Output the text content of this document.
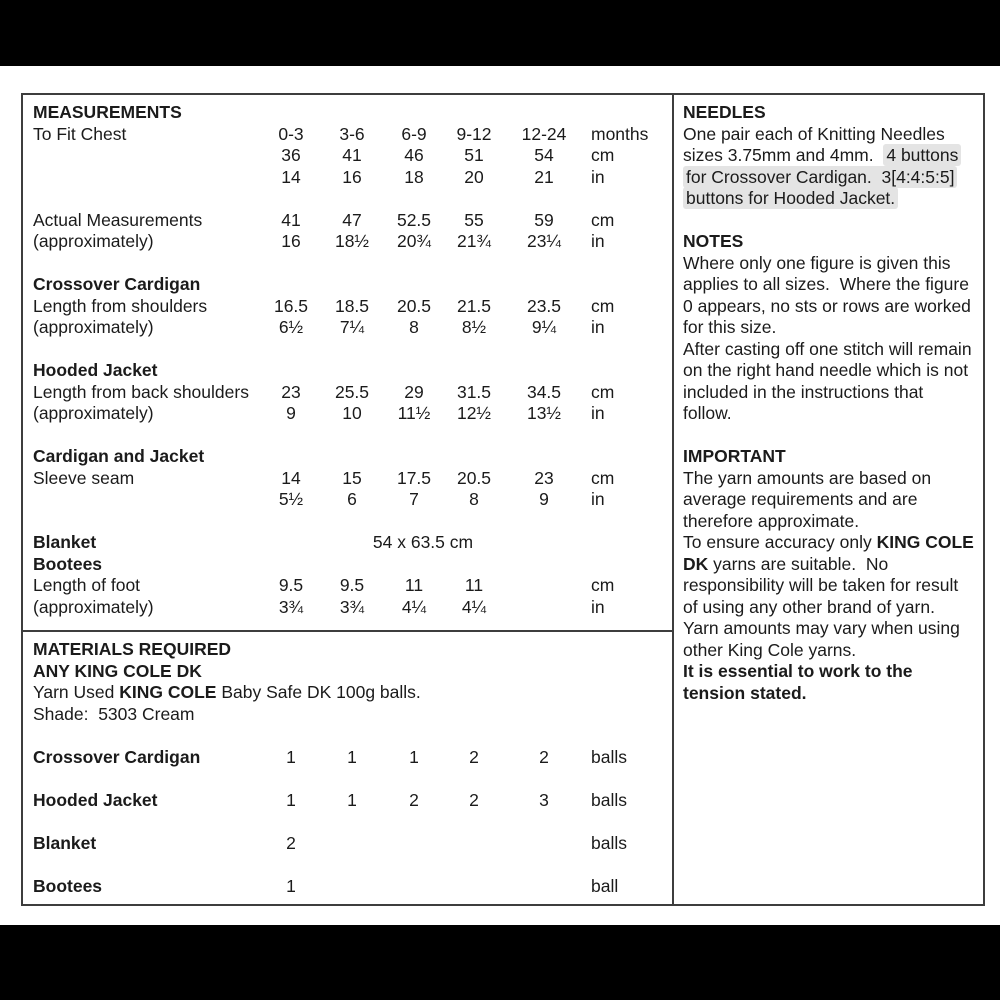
MEASUREMENTS
To Fit Chest	0-3	3-6	6-9	9-12	12-24	months
	36	41	46	51	54	cm
	14	16	18	20	21	in

Actual Measurements	41	47	52.5	55	59	cm
(approximately)	16	18½	20¾	21¾	23¼	in

Crossover Cardigan						
Length from shoulders	16.5	18.5	20.5	21.5	23.5	cm
(approximately)	6½	7¼	8	8½	9¼	in

Hooded Jacket						
Length from back shoulders	23	25.5	29	31.5	34.5	cm
(approximately)	9	10	11½	12½	13½	in

Cardigan and Jacket						
Sleeve seam	14	15	17.5	20.5	23	cm
	5½	6	7	8	9	in

Blanket	54 x 63.5 cm					
Bootees						
Length of foot	9.5	9.5	11	11		cm
(approximately)	3¾	3¾	4¼	4¼		in
MATERIALS REQUIRED
ANY KING COLE DK

Yarn Used KING COLE Baby Safe DK 100g balls.

Shade:  5303 Cream

Crossover Cardigan	1	1	1	2	2	balls

Hooded Jacket	1	1	2	2	3	balls

Blanket	2					balls

Bootees	1					ball
NEEDLES

One pair each of Knitting Needles sizes 3.75mm and 4mm.  4 buttons for Crossover Cardigan.  3[4:4:5:5] buttons for Hooded Jacket.

NOTES

Where only one figure is given this applies to all sizes.  Where the figure 0 appears, no sts or rows are worked for this size.

After casting off one stitch will remain on the right hand needle which is not included in the instructions that follow.

IMPORTANT

The yarn amounts are based on average requirements and are therefore approximate.

To ensure accuracy only KING COLE DK yarns are suitable.  No responsibility will be taken for result of using any other brand of yarn.

Yarn amounts may vary when using other King Cole yarns.

It is essential to work to the tension stated.
